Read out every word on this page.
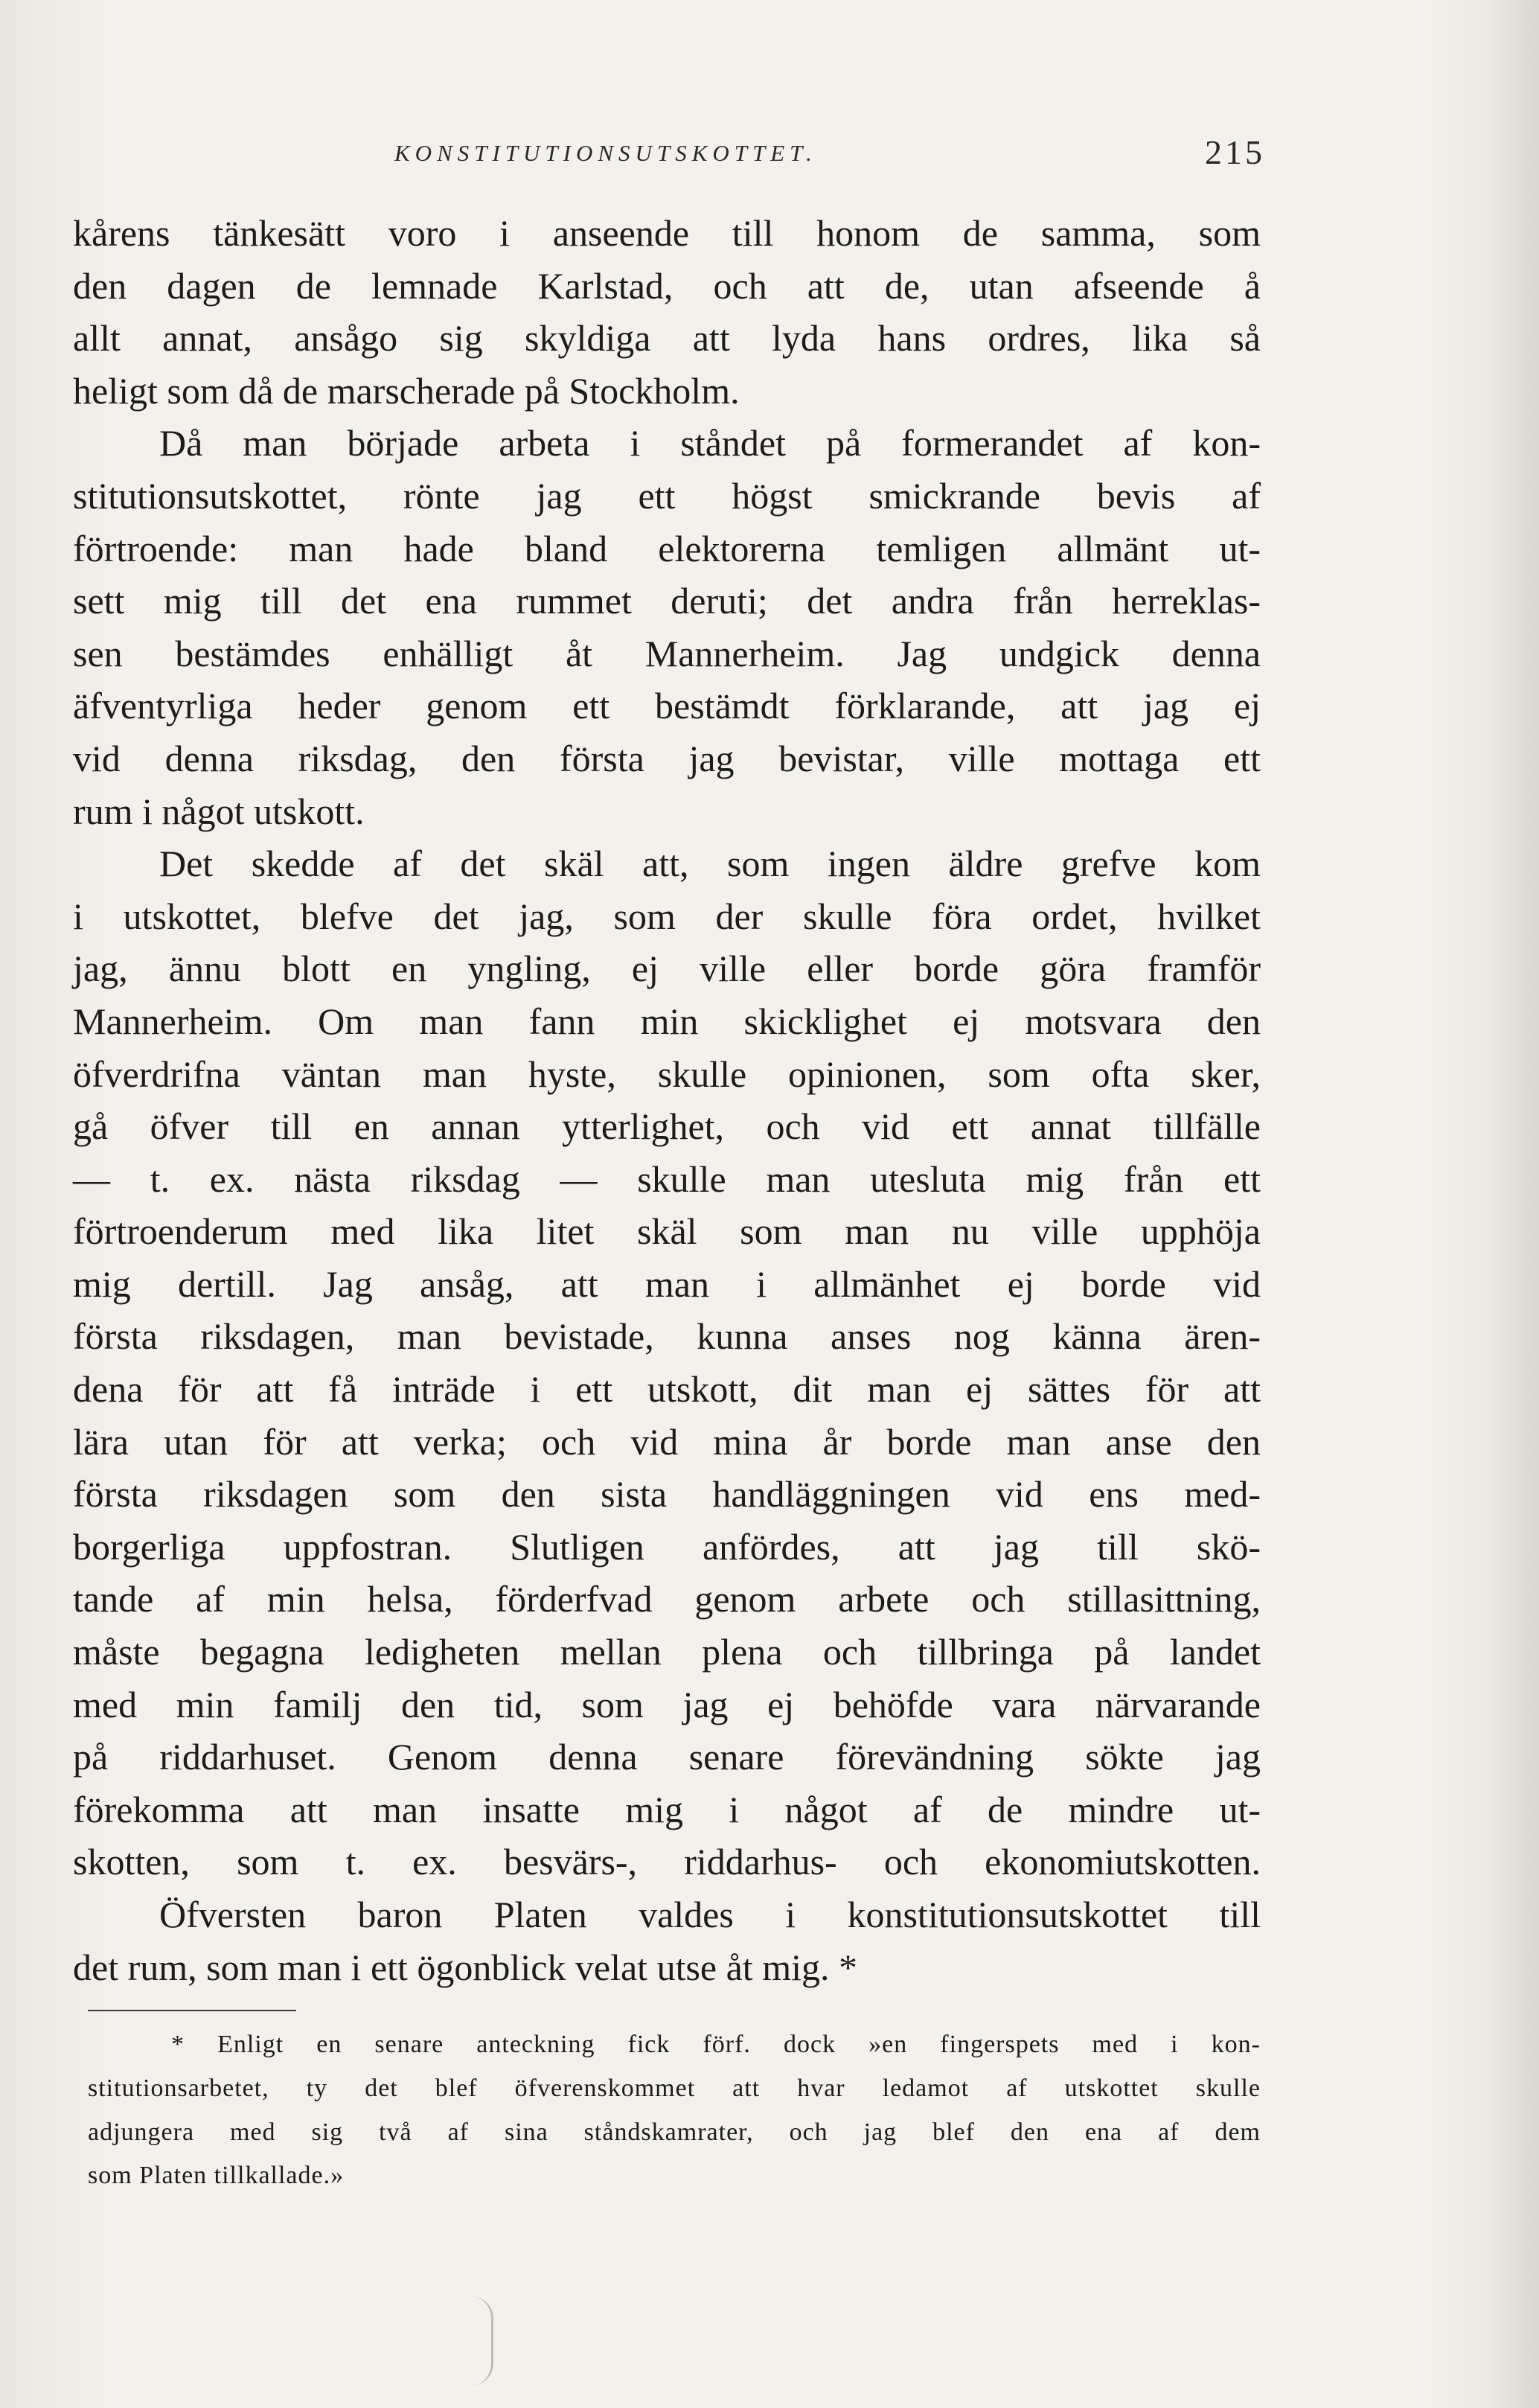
KONSTITUTIONSUTSKOTTET.	215
kårens tänkesätt voro i anseende till honom de samma, som
den dagen de lemnade Karlstad, och att de, utan afseende å
allt annat, ansågo sig skyldiga att lyda hans ordres, lika så
heligt som då de marscherade på Stockholm.
Då man började arbeta i ståndet på formerandet af kon-
stitutionsutskottet, rönte jag ett högst smickrande bevis af
förtroende: man hade bland elektorerna temligen allmänt ut-
sett mig till det ena rummet deruti; det andra från herreklas-
sen bestämdes enhälligt åt Mannerheim. Jag undgick denna
äfventyrliga heder genom ett bestämdt förklarande, att jag ej
vid denna riksdag, den första jag bevistar, ville mottaga ett
rum i något utskott.
Det skedde af det skäl att, som ingen äldre grefve kom
i utskottet, blefve det jag, som der skulle föra ordet, hvilket
jag, ännu blott en yngling, ej ville eller borde göra framför
Mannerheim. Om man fann min skicklighet ej motsvara den
öfverdrifna väntan man hyste, skulle opinionen, som ofta sker,
gå öfver till en annan ytterlighet, och vid ett annat tillfälle
— t. ex. nästa riksdag — skulle man utesluta mig från ett
förtroenderum med lika litet skäl som man nu ville upphöja
mig dertill. Jag ansåg, att man i allmänhet ej borde vid
första riksdagen, man bevistade, kunna anses nog känna ären-
dena för att få inträde i ett utskott, dit man ej sättes för att
lära utan för att verka; och vid mina år borde man anse den
första riksdagen som den sista handläggningen vid ens med-
borgerliga uppfostran. Slutligen anfördes, att jag till skö-
tande af min helsa, förderfvad genom arbete och stillasittning,
måste begagna ledigheten mellan plena och tillbringa på landet
med min familj den tid, som jag ej behöfde vara närvarande
på riddarhuset. Genom denna senare förevändning sökte jag
förekomma att man insatte mig i något af de mindre ut-
skotten, som t. ex. besvärs-, riddarhus- och ekonomiutskotten.
Öfversten baron Platen valdes i konstitutionsutskottet till
det rum, som man i ett ögonblick velat utse åt mig. *
* Enligt en senare anteckning fick förf. dock »en fingerspets med i kon-
stitutionsarbetet, ty det blef öfverenskommet att hvar ledamot af utskottet skulle
adjungera med sig två af sina ståndskamrater, och jag blef den ena af dem
som Platen tillkallade.»
